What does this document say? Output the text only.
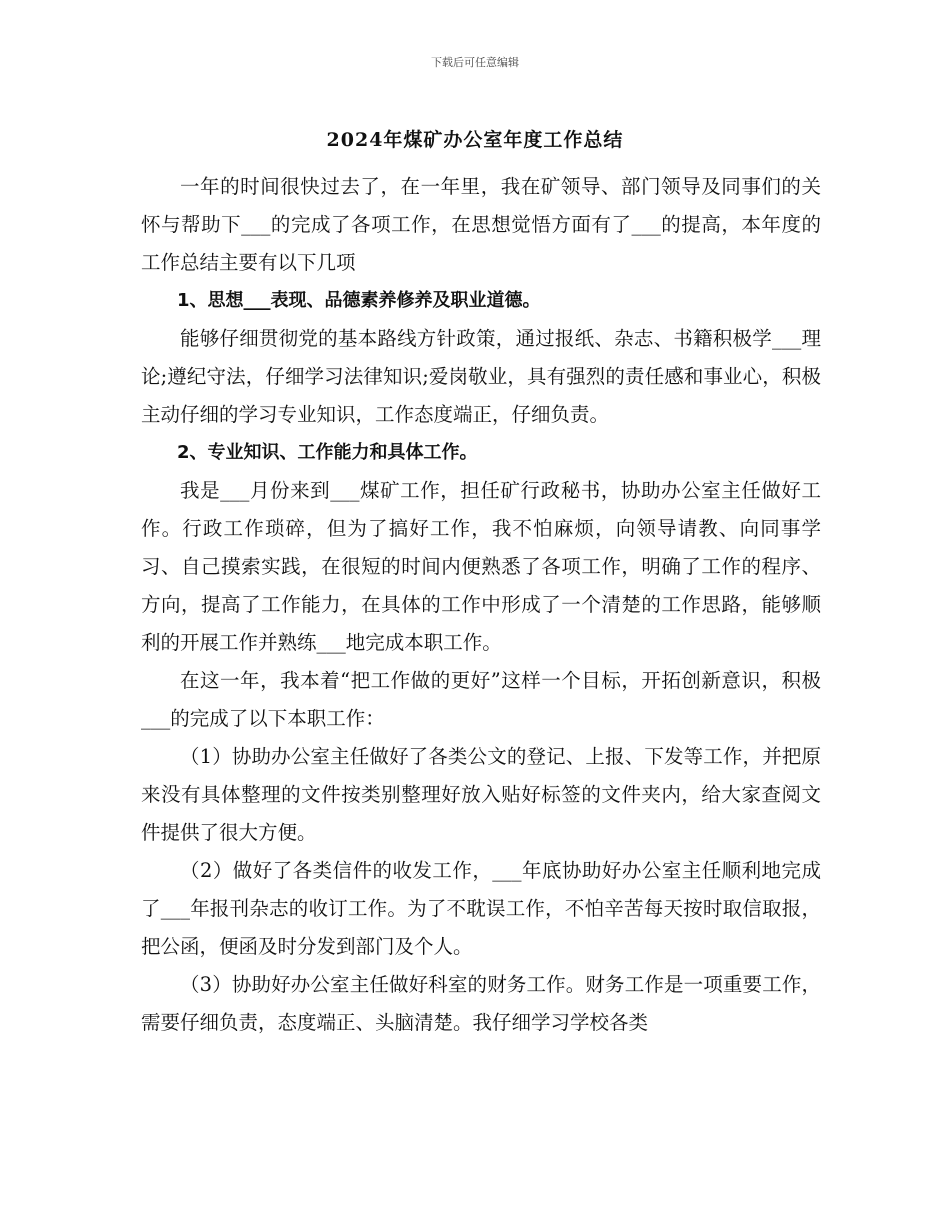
下载后可任意编辑
2024年煤矿办公室年度工作总结

一年的时间很快过去了，在一年里，我在矿领导、部门领导及同事们的关怀与帮助下___的完成了各项工作，在思想觉悟方面有了___的提高，本年度的工作总结主要有以下几项

1、思想___表现、品德素养修养及职业道德。

能够仔细贯彻党的基本路线方针政策，通过报纸、杂志、书籍积极学___理论;遵纪守法，仔细学习法律知识;爱岗敬业，具有强烈的责任感和事业心，积极主动仔细的学习专业知识，工作态度端正，仔细负责。

2、专业知识、工作能力和具体工作。

我是___月份来到___煤矿工作，担任矿行政秘书，协助办公室主任做好工作。行政工作琐碎，但为了搞好工作，我不怕麻烦，向领导请教、向同事学习、自己摸索实践，在很短的时间内便熟悉了各项工作，明确了工作的程序、方向，提高了工作能力，在具体的工作中形成了一个清楚的工作思路，能够顺利的开展工作并熟练___地完成本职工作。

在这一年，我本着“把工作做的更好”这样一个目标，开拓创新意识，积极___的完成了以下本职工作：

（1）协助办公室主任做好了各类公文的登记、上报、下发等工作，并把原来没有具体整理的文件按类别整理好放入贴好标签的文件夹内，给大家查阅文件提供了很大方便。

（2）做好了各类信件的收发工作，___年底协助好办公室主任顺利地完成了___年报刊杂志的收订工作。为了不耽误工作，不怕辛苦每天按时取信取报，把公函，便函及时分发到部门及个人。

（3）协助好办公室主任做好科室的财务工作。财务工作是一项重要工作，需要仔细负责，态度端正、头脑清楚。我仔细学习学校各类
